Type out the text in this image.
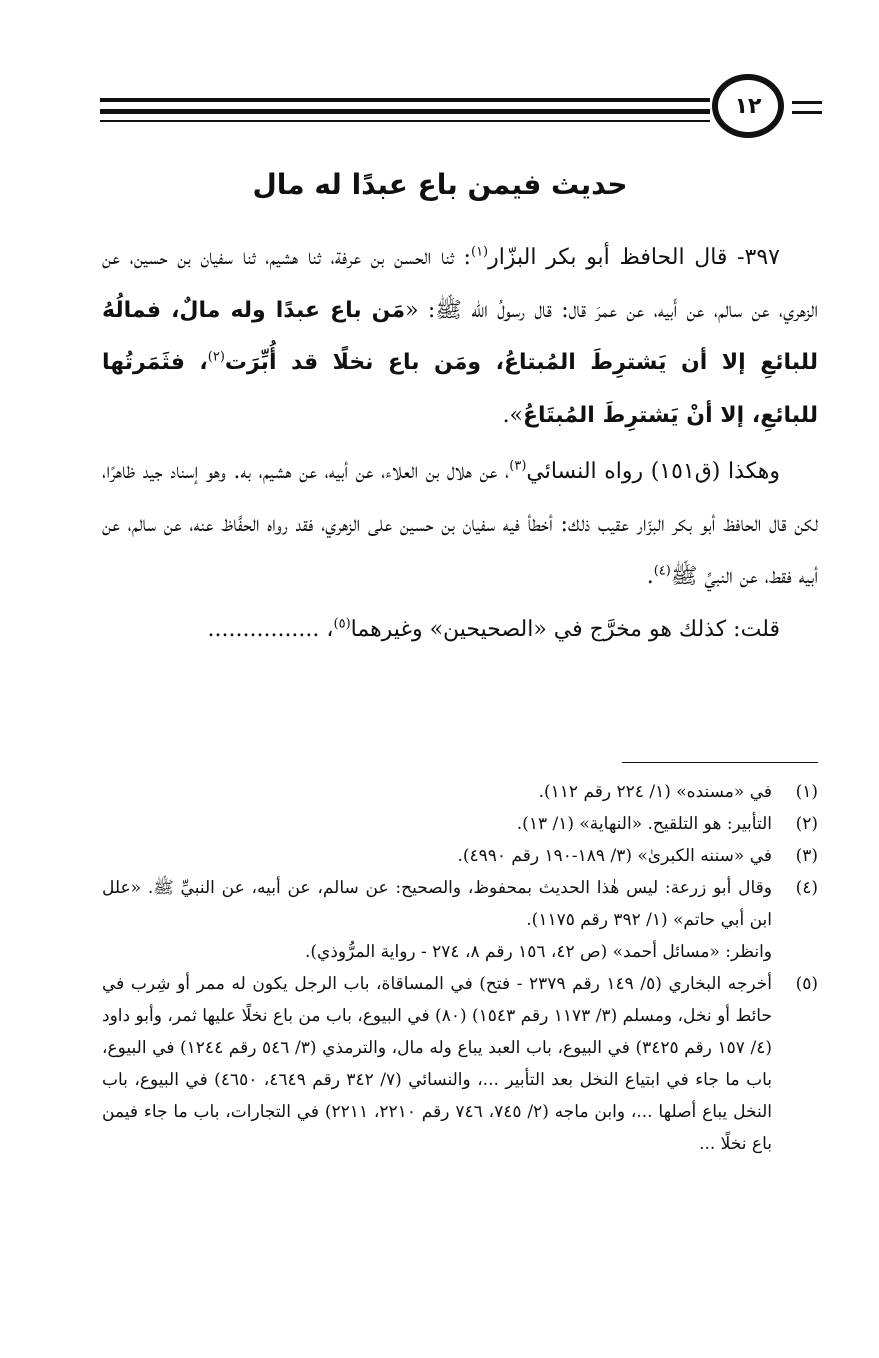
١٢
حديث فيمن باع عبدًا له مال

٣٩٧- قال الحافظ أبو بكر البزّار$^{(١)}$: ثنا الحسن بن عرفة، ثنا هشيم، ثنا سفيان بن حسين، عن الزهري، عن سالم، عن أَبيه، عن عمرَ قال: قال رسولُ الله ﷺ: «مَن باع عبدًا وله مالٌ، فمالُهُ للبائعِ إلا أن يَشترِطَ المُبتاعُ، ومَن باع نخلًا قد أُبِّرَت$^{(٢)}$، فثَمَرتُها للبائعِ، إلا أنْ يَشترِطَ المُبتَاعُ».

وهكذا (ق١٥١) رواه النسائي$^{(٣)}$، عن هلال بن العلاء، عن أبيه، عن هشيم، به. وهو إسناد جيد ظاهرًا، لكن قال الحافظ أبو بكر البزّار عقيب ذلك: أخطأ فيه سفيان بن حسين على الزهري، فقد رواه الحفَّاظ عنه، عن سالم، عن أبيه فقط، عن النبيِّ ﷺ$^{(٤)}$.

قلت: كذلك هو مخرَّج في «الصحيحين» وغيرهما$^{(٥)}$، ................

(١)

في «مسنده» (١/ ٢٢٤ رقم ١١٢).

(٢)

التأبير: هو التلقيح. «النهاية» (١/ ١٣).

(٣)

في «سننه الكبرىٰ» (٣/ ١٨٩-١٩٠ رقم ٤٩٩٠).

(٤)

وقال أبو زرعة: ليس هٰذا الحديث بمحفوظ، والصحيح: عن سالم، عن أبيه، عن النبيِّ ﷺ. «علل ابن أبي حاتم» (١/ ٣٩٢ رقم ١١٧٥).

وانظر: «مسائل أحمد» (ص ٤٢، ١٥٦ رقم ٨، ٢٧٤ - رواية المرُّوذي).

(٥)

أخرجه البخاري (٥/ ١٤٩ رقم ٢٣٧٩ - فتح) في المساقاة، باب الرجل يكون له ممر أو شِرب في حائط أو نخل، ومسلم (٣/ ١١٧٣ رقم ١٥٤٣) (٨٠) في البيوع، باب من باع نخلًا عليها ثمر، وأبو داود (٤/ ١٥٧ رقم ٣٤٢٥) في البيوع، باب العبد يباع وله مال، والترمذي (٣/ ٥٤٦ رقم ١٢٤٤) في البيوع، باب ما جاء في ابتياع النخل بعد التأبير ...، والنسائي (٧/ ٣٤٢ رقم ٤٦٤٩، ٤٦٥٠) في البيوع، باب النخل يباع أصلها ...، وابن ماجه (٢/ ٧٤٥، ٧٤٦ رقم ٢٢١٠، ٢٢١١) في التجارات، باب ما جاء فيمن باع نخلًا ...
